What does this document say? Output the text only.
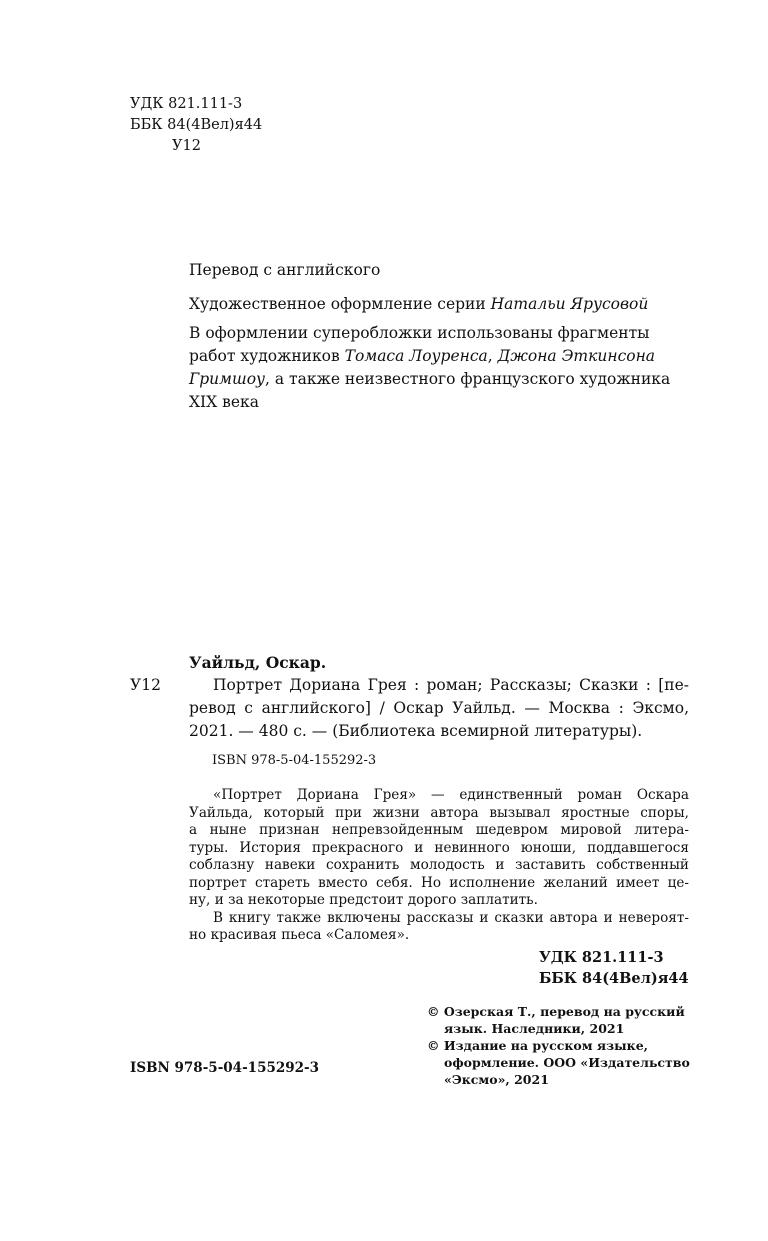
УДК 821.111-3
ББК 84(4Вел)я44
У12
Перевод с английского
Художественное оформление серии Натальи Ярусовой
В оформлении суперобложки использованы фрагменты
работ художников Томаса Лоуренса, Джона Эткинсона
Гримшоу, а также неизвестного французского художника
XIX века
Уайльд, Оскар.
У12	Портрет Дориана Грея : роман; Рассказы; Сказки : [пе-
ревод с английского] / Оскар Уайльд. — Москва : Эксмо,
2021. — 480 с. — (Библиотека всемирной литературы).
ISBN 978-5-04-155292-3
«Портрет Дориана Грея» — единственный роман Оскара
Уайльда, который при жизни автора вызывал яростные споры,
а ныне признан непревзойденным шедевром мировой литера-
туры. История прекрасного и невинного юноши, поддавшегося
соблазну навеки сохранить молодость и заставить собственный
портрет стареть вместо себя. Но исполнение желаний имеет це-
ну, и за некоторые предстоит дорого заплатить.
В книгу также включены рассказы и сказки автора и невероят-
но красивая пьеса «Саломея».
УДК 821.111-3
ББК 84(4Вел)я44
© Озерская Т., перевод на русский
язык. Наследники, 2021
© Издание на русском языке,
оформление. ООО «Издательство
«Эксмо», 2021
ISBN 978-5-04-155292-3
